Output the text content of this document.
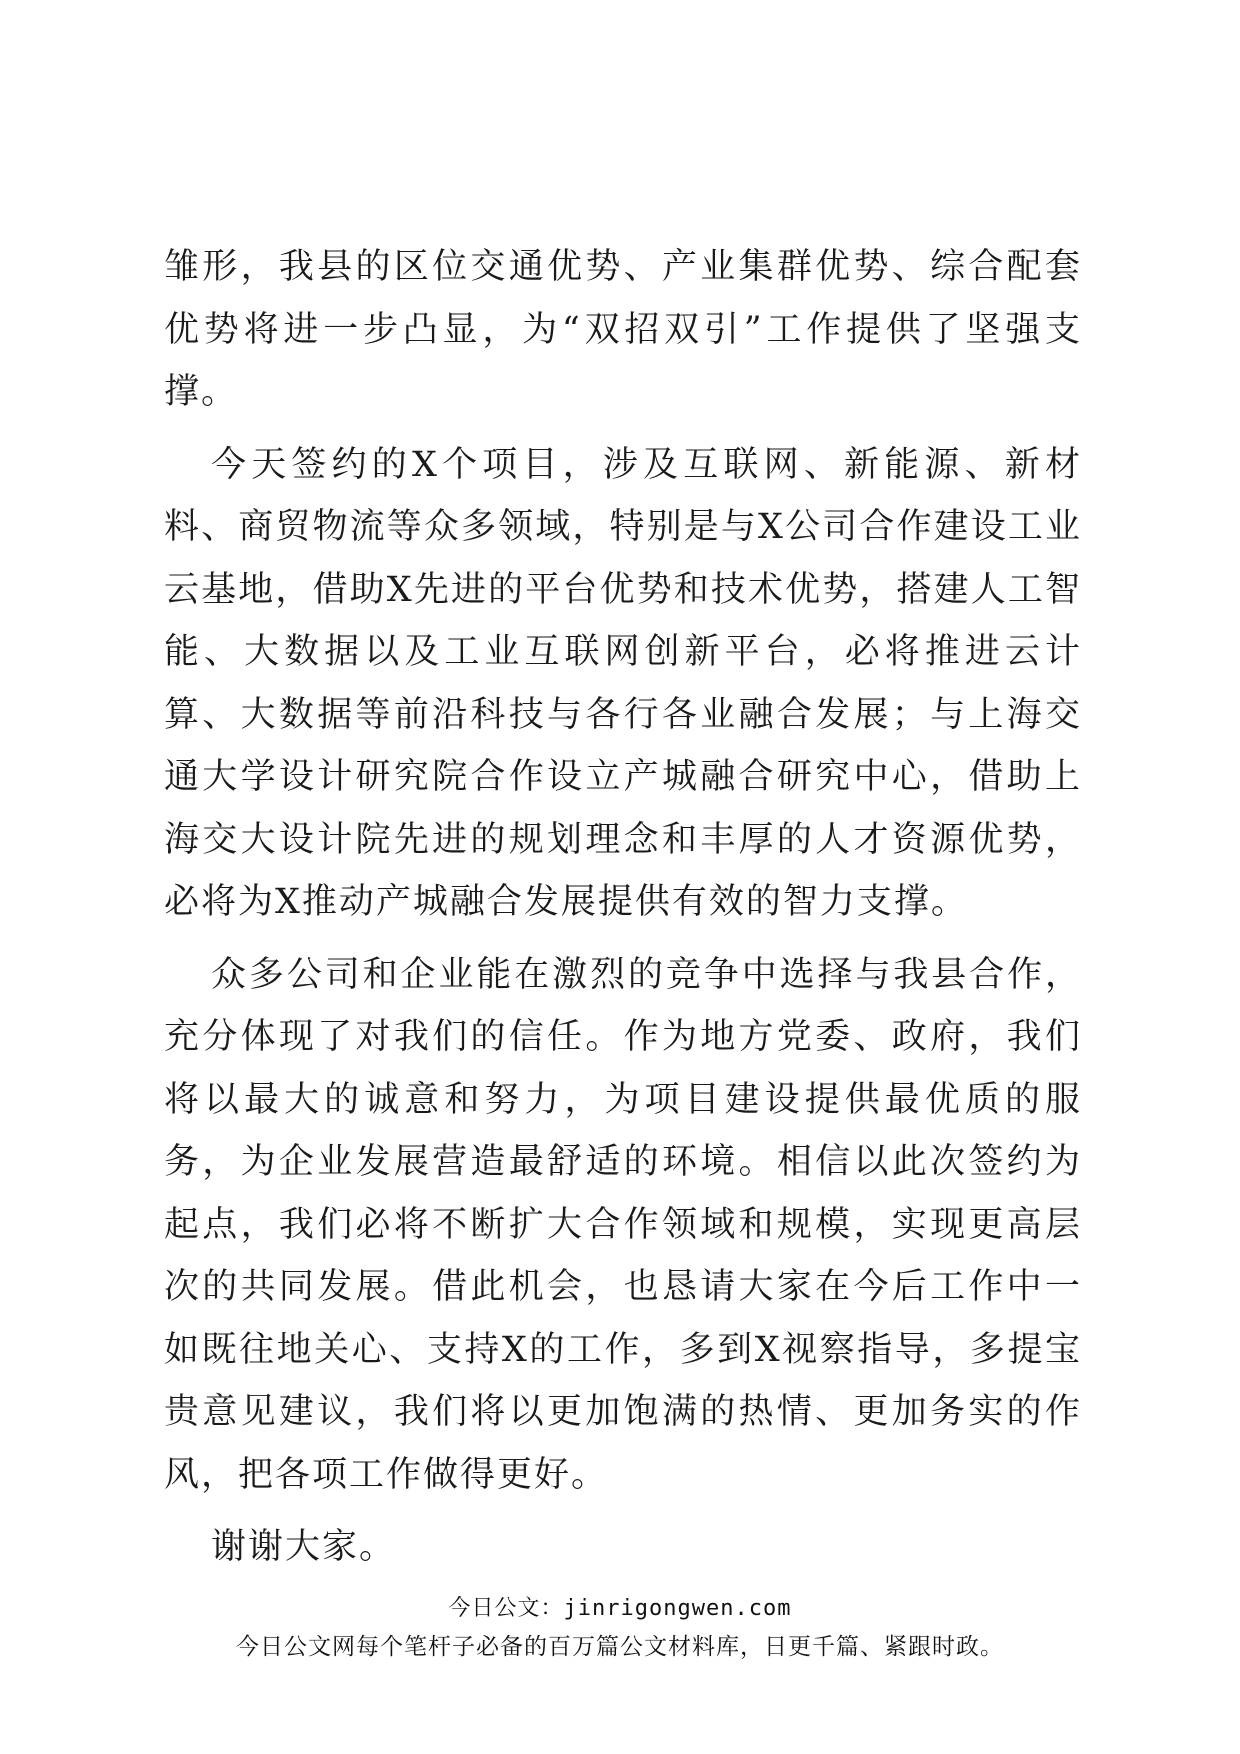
雏形，我县的区位交通优势、产业集群优势、综合配套优势将进一步凸显，为“双招双引”工作提供了坚强支撑。

今天签约的X个项目，涉及互联网、新能源、新材料、商贸物流等众多领域，特别是与X公司合作建设工业云基地，借助X先进的平台优势和技术优势，搭建人工智能、大数据以及工业互联网创新平台，必将推进云计算、大数据等前沿科技与各行各业融合发展；与上海交通大学设计研究院合作设立产城融合研究中心，借助上海交大设计院先进的规划理念和丰厚的人才资源优势，必将为X推动产城融合发展提供有效的智力支撑。

众多公司和企业能在激烈的竞争中选择与我县合作，充分体现了对我们的信任。作为地方党委、政府，我们将以最大的诚意和努力，为项目建设提供最优质的服务，为企业发展营造最舒适的环境。相信以此次签约为起点，我们必将不断扩大合作领域和规模，实现更高层次的共同发展。借此机会，也恳请大家在今后工作中一如既往地关心、支持X的工作，多到X视察指导，多提宝贵意见建议，我们将以更加饱满的热情、更加务实的作风，把各项工作做得更好。

谢谢大家。

今日公文：jinrigongwen.com
今日公文网每个笔杆子必备的百万篇公文材料库，日更千篇、紧跟时政。
